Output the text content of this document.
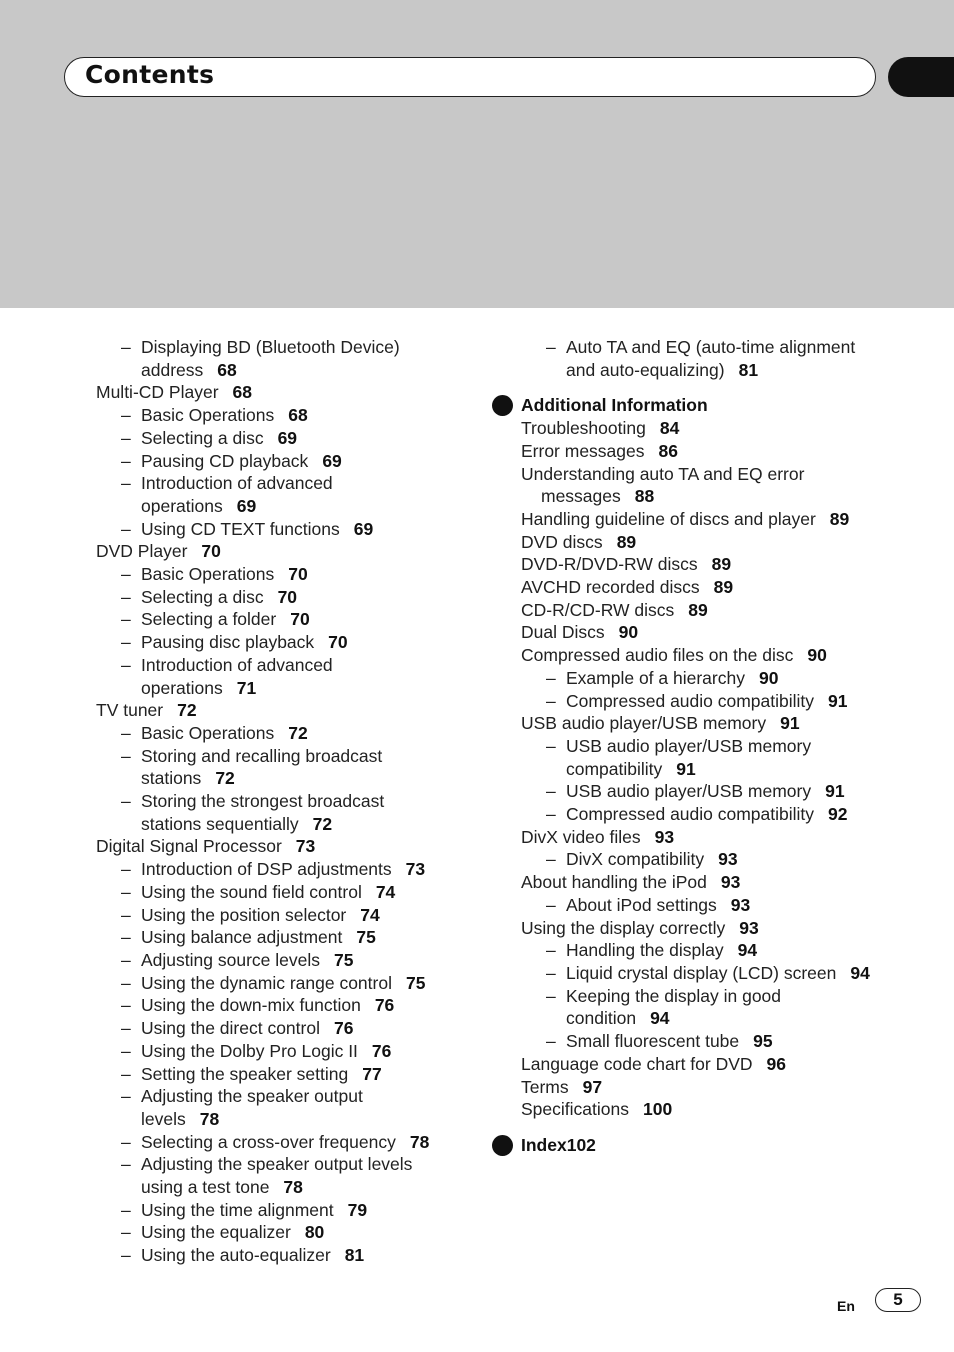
Contents
– Displaying BD (Bluetooth Device)
address 68
Multi-CD Player 68
– Basic Operations 68
– Selecting a disc 69
– Pausing CD playback 69
– Introduction of advanced
operations 69
– Using CD TEXT functions 69
DVD Player 70
– Basic Operations 70
– Selecting a disc 70
– Selecting a folder 70
– Pausing disc playback 70
– Introduction of advanced
operations 71
TV tuner 72
– Basic Operations 72
– Storing and recalling broadcast
stations 72
– Storing the strongest broadcast
stations sequentially 72
Digital Signal Processor 73
– Introduction of DSP adjustments 73
– Using the sound field control 74
– Using the position selector 74
– Using balance adjustment 75
– Adjusting source levels 75
– Using the dynamic range control 75
– Using the down-mix function 76
– Using the direct control 76
– Using the Dolby Pro Logic II 76
– Setting the speaker setting 77
– Adjusting the speaker output
levels 78
– Selecting a cross-over frequency 78
– Adjusting the speaker output levels
using a test tone 78
– Using the time alignment 79
– Using the equalizer 80
– Using the auto-equalizer 81
– Auto TA and EQ (auto-time alignment
and auto-equalizing) 81
Additional Information
Troubleshooting 84
Error messages 86
Understanding auto TA and EQ error
messages 88
Handling guideline of discs and player 89
DVD discs 89
DVD-R/DVD-RW discs 89
AVCHD recorded discs 89
CD-R/CD-RW discs 89
Dual Discs 90
Compressed audio files on the disc 90
– Example of a hierarchy 90
– Compressed audio compatibility 91
USB audio player/USB memory 91
– USB audio player/USB memory
compatibility 91
– USB audio player/USB memory 91
– Compressed audio compatibility 92
DivX video files 93
– DivX compatibility 93
About handling the iPod 93
– About iPod settings 93
Using the display correctly 93
– Handling the display 94
– Liquid crystal display (LCD) screen 94
– Keeping the display in good
condition 94
– Small fluorescent tube 95
Language code chart for DVD 96
Terms 97
Specifications 100
Index102
En	5
